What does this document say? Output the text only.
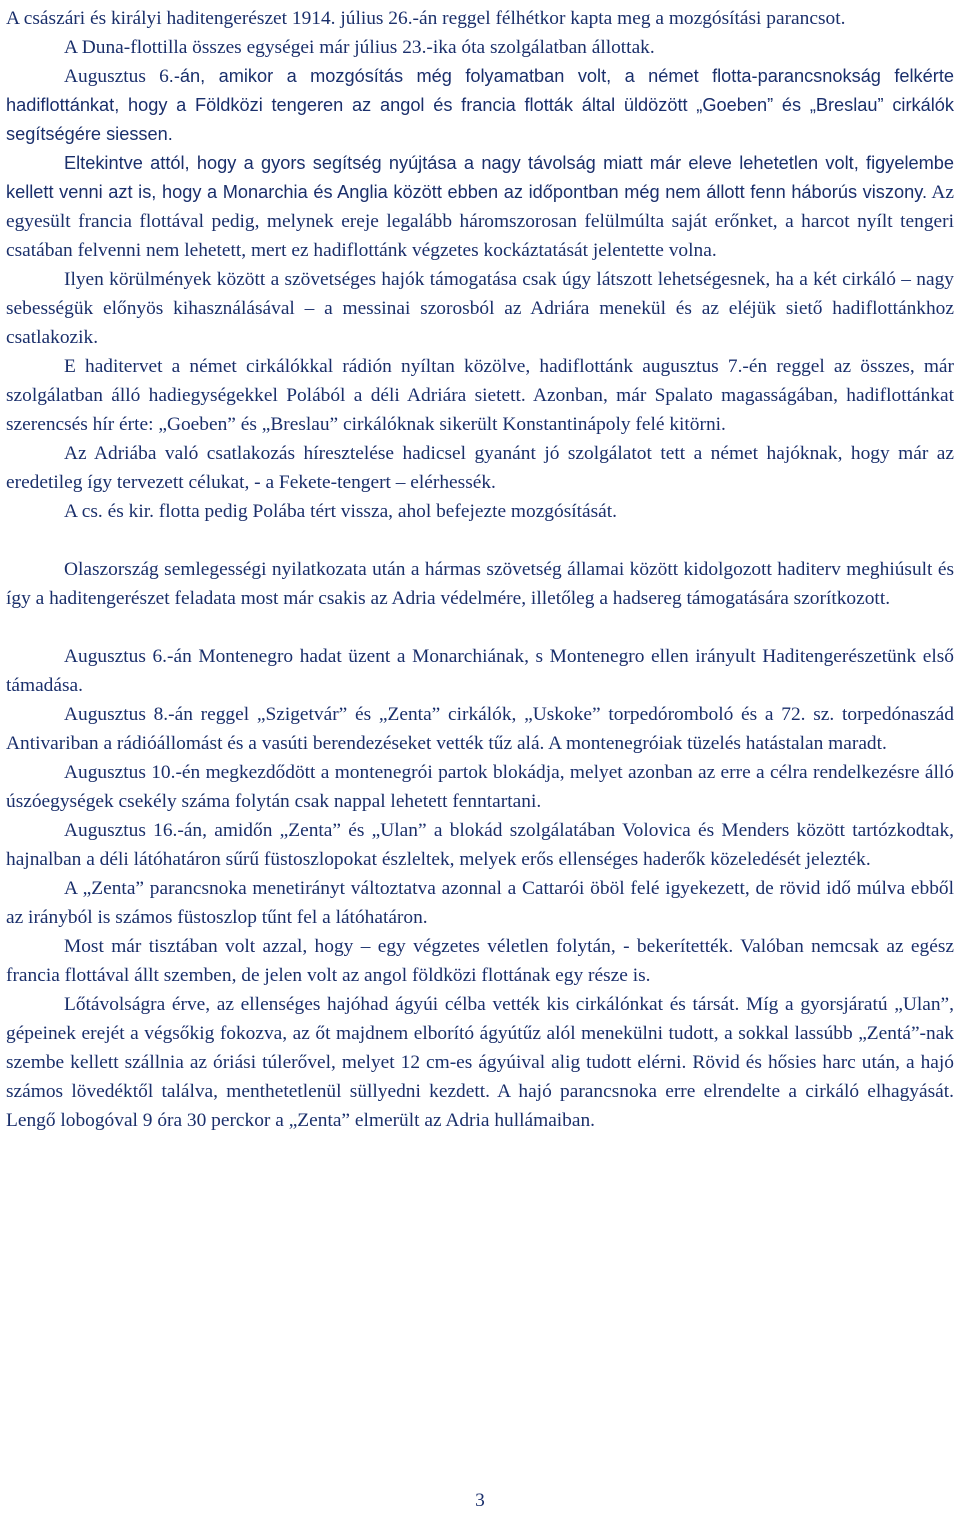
A császári és királyi haditengerészet 1914. július 26.-án reggel félhétkor kapta meg a mozgósítási parancsot.

A Duna-flottilla összes egységei már július 23.-ika óta szolgálatban állottak.

Augusztus 6.-án, amikor a mozgósítás még folyamatban volt, a német flotta-parancsnokság felkérte hadiflottánkat, hogy a Földközi tengeren az angol és francia flották által üldözött „Goeben” és „Breslau” cirkálók segítségére siessen.

Eltekintve attól, hogy a gyors segítség nyújtása a nagy távolság miatt már eleve lehetetlen volt, figyelembe kellett venni azt is, hogy a Monarchia és Anglia között ebben az időpontban még nem állott fenn háborús viszony. Az egyesült francia flottával pedig, melynek ereje legalább háromszorosan felülmúlta saját erőnket, a harcot nyílt tengeri csatában felvenni nem lehetett, mert ez hadiflottánk végzetes kockáztatását jelentette volna.

Ilyen körülmények között a szövetséges hajók támogatása csak úgy látszott lehetségesnek, ha a két cirkáló – nagy sebességük előnyös kihasználásával – a messinai szorosból az Adriára menekül és az eléjük siető hadiflottánkhoz csatlakozik.

E haditervet a német cirkálókkal rádión nyíltan közölve, hadiflottánk augusztus 7.-én reggel az összes, már szolgálatban álló hadiegységekkel Polából a déli Adriára sietett. Azonban, már Spalato magasságában, hadiflottánkat szerencsés hír érte: „Goeben” és „Breslau” cirkálóknak sikerült Konstantinápoly felé kitörni.

Az Adriába való csatlakozás híresztelése hadicsel gyanánt jó szolgálatot tett a német hajóknak, hogy már az eredetileg így tervezett célukat, - a Fekete-tengert – elérhessék.

A cs. és kir. flotta pedig Polába tért vissza, ahol befejezte mozgósítását.

Olaszország semlegességi nyilatkozata után a hármas szövetség államai között kidolgozott haditerv meghiúsult és így a haditengerészet feladata most már csakis az Adria védelmére, illetőleg a hadsereg támogatására szorítkozott.

Augusztus 6.-án Montenegro hadat üzent a Monarchiának, s Montenegro ellen irányult Haditengerészetünk első támadása.

Augusztus 8.-án reggel „Szigetvár” és „Zenta” cirkálók, „Uskoke” torpedóromboló és a 72. sz. torpedónaszád Antivariban a rádióállomást és a vasúti berendezéseket vették tűz alá. A montenegróiak tüzelés hatástalan maradt.

Augusztus 10.-én megkezdődött a montenegrói partok blokádja, melyet azonban az erre a célra rendelkezésre álló úszóegységek csekély száma folytán csak nappal lehetett fenntartani.

Augusztus 16.-án, amidőn „Zenta” és „Ulan” a blokád szolgálatában Volovica és Menders között tartózkodtak, hajnalban a déli látóhatáron sűrű füstoszlopokat észleltek, melyek erős ellenséges haderők közeledését jelezték.

A „Zenta” parancsnoka menetirányt változtatva azonnal a Cattarói öböl felé igyekezett, de rövid idő múlva ebből az irányból is számos füstoszlop tűnt fel a látóhatáron.

Most már tisztában volt azzal, hogy – egy végzetes véletlen folytán, - bekerítették. Valóban nemcsak az egész francia flottával állt szemben, de jelen volt az angol földközi flottának egy része is.

Lőtávolságra érve, az ellenséges hajóhad ágyúi célba vették kis cirkálónkat és társát. Míg a gyorsjáratú „Ulan”, gépeinek erejét a végsőkig fokozva, az őt majdnem elborító ágyútűz alól menekülni tudott, a sokkal lassúbb „Zentá”-nak szembe kellett szállnia az óriási túlerővel, melyet 12 cm-es ágyúival alig tudott elérni. Rövid és hősies harc után, a hajó számos lövedéktől találva, menthetetlenül süllyedni kezdett. A hajó parancsnoka erre elrendelte a cirkáló elhagyását. Lengő lobogóval 9 óra 30 perckor a „Zenta” elmerült az Adria hullámaiban.

3
